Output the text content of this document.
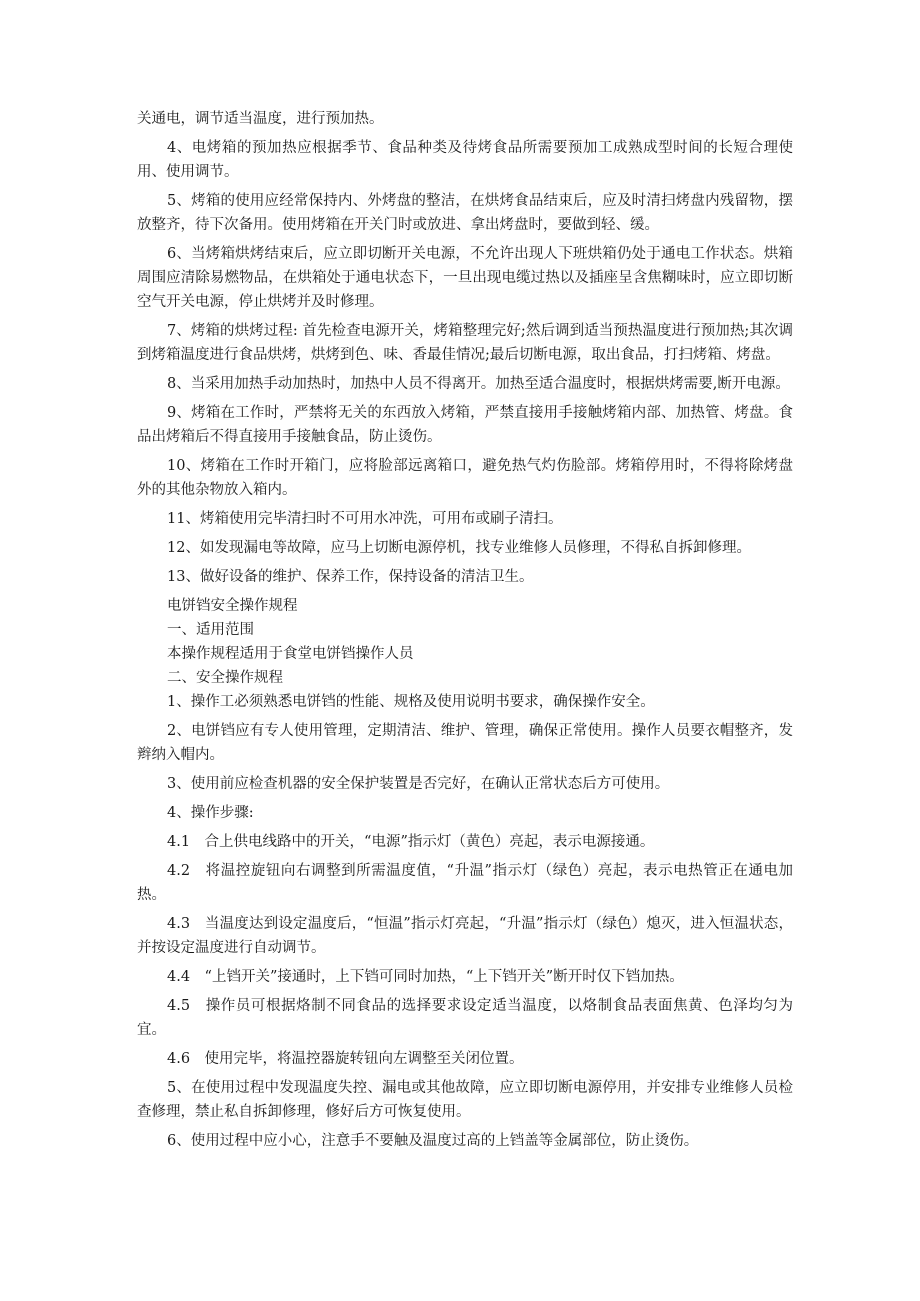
关通电，调节适当温度，进行预加热。

4、电烤箱的预加热应根据季节、食品种类及待烤食品所需要预加工成熟成型时间的长短合理使用、使用调节。

5、烤箱的使用应经常保持内、外烤盘的整洁，在烘烤食品结束后，应及时清扫烤盘内残留物，摆放整齐，待下次备用。使用烤箱在开关门时或放进、拿出烤盘时，要做到轻、缓。

6、当烤箱烘烤结束后，应立即切断开关电源，不允许出现人下班烘箱仍处于通电工作状态。烘箱周围应清除易燃物品，在烘箱处于通电状态下，一旦出现电缆过热以及插座呈含焦糊味时，应立即切断空气开关电源，停止烘烤并及时修理。

7、烤箱的烘烤过程: 首先检查电源开关，烤箱整理完好;然后调到适当预热温度进行预加热;其次调到烤箱温度进行食品烘烤，烘烤到色、味、香最佳情况;最后切断电源，取出食品，打扫烤箱、烤盘。

8、当采用加热手动加热时，加热中人员不得离开。加热至适合温度时，根据烘烤需要,断开电源。

9、烤箱在工作时，严禁将无关的东西放入烤箱，严禁直接用手接触烤箱内部、加热管、烤盘。食品出烤箱后不得直接用手接触食品，防止烫伤。

10、烤箱在工作时开箱门，应将脸部远离箱口，避免热气灼伤脸部。烤箱停用时，不得将除烤盘外的其他杂物放入箱内。

11、烤箱使用完毕清扫时不可用水冲洗，可用布或刷子清扫。

12、如发现漏电等故障，应马上切断电源停机，找专业维修人员修理，不得私自拆卸修理。

13、做好设备的维护、保养工作，保持设备的清洁卫生。

电饼铛安全操作规程

一、适用范围

本操作规程适用于食堂电饼铛操作人员

二、安全操作规程

1、操作工必须熟悉电饼铛的性能、规格及使用说明书要求，确保操作安全。

2、电饼铛应有专人使用管理，定期清洁、维护、管理，确保正常使用。操作人员要衣帽整齐，发辫纳入帽内。

3、使用前应检查机器的安全保护装置是否完好，在确认正常状态后方可使用。

4、操作步骤:

4.1　合上供电线路中的开关，“电源”指示灯（黄色）亮起，表示电源接通。

4.2　将温控旋钮向右调整到所需温度值，“升温”指示灯（绿色）亮起，表示电热管正在通电加热。

4.3　当温度达到设定温度后，“恒温”指示灯亮起，“升温”指示灯（绿色）熄灭，进入恒温状态，并按设定温度进行自动调节。

4.4　“上铛开关”接通时，上下铛可同时加热，“上下铛开关”断开时仅下铛加热。

4.5　操作员可根据烙制不同食品的选择要求设定适当温度，以烙制食品表面焦黄、色泽均匀为宜。

4.6　使用完毕，将温控器旋转钮向左调整至关闭位置。

5、在使用过程中发现温度失控、漏电或其他故障，应立即切断电源停用，并安排专业维修人员检查修理，禁止私自拆卸修理，修好后方可恢复使用。

6、使用过程中应小心，注意手不要触及温度过高的上铛盖等金属部位，防止烫伤。
